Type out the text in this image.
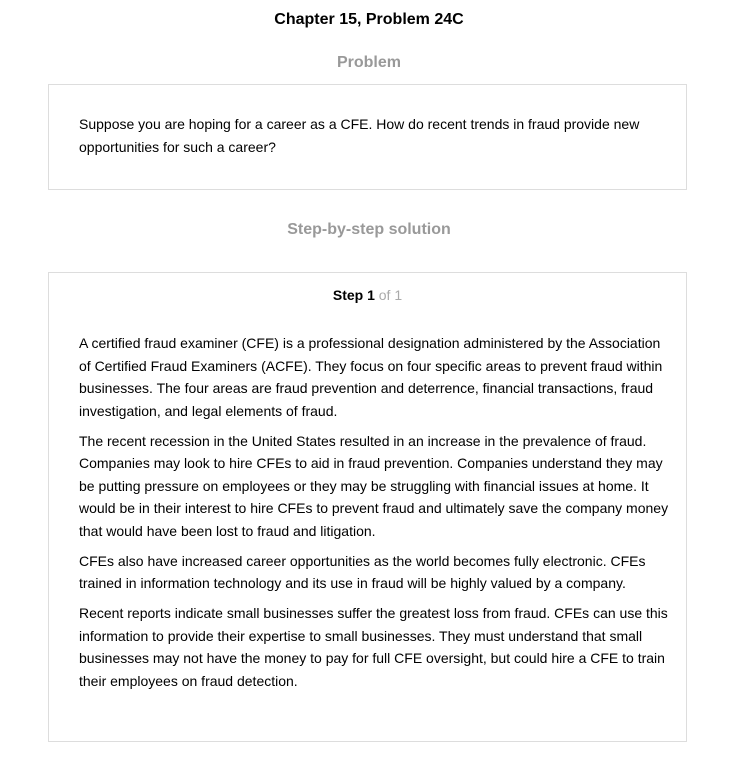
Chapter 15, Problem 24C
Problem

Suppose you are hoping for a career as a CFE. How do recent trends in fraud provide new opportunities for such a career?

Step-by-step solution
Step 1 of 1

A certified fraud examiner (CFE) is a professional designation administered by the Association of Certified Fraud Examiners (ACFE). They focus on four specific areas to prevent fraud within businesses. The four areas are fraud prevention and deterrence, financial transactions, fraud investigation, and legal elements of fraud.

The recent recession in the United States resulted in an increase in the prevalence of fraud. Companies may look to hire CFEs to aid in fraud prevention. Companies understand they may be putting pressure on employees or they may be struggling with financial issues at home. It would be in their interest to hire CFEs to prevent fraud and ultimately save the company money that would have been lost to fraud and litigation.

CFEs also have increased career opportunities as the world becomes fully electronic. CFEs trained in information technology and its use in fraud will be highly valued by a company.

Recent reports indicate small businesses suffer the greatest loss from fraud. CFEs can use this information to provide their expertise to small businesses. They must understand that small businesses may not have the money to pay for full CFE oversight, but could hire a CFE to train their employees on fraud detection.
